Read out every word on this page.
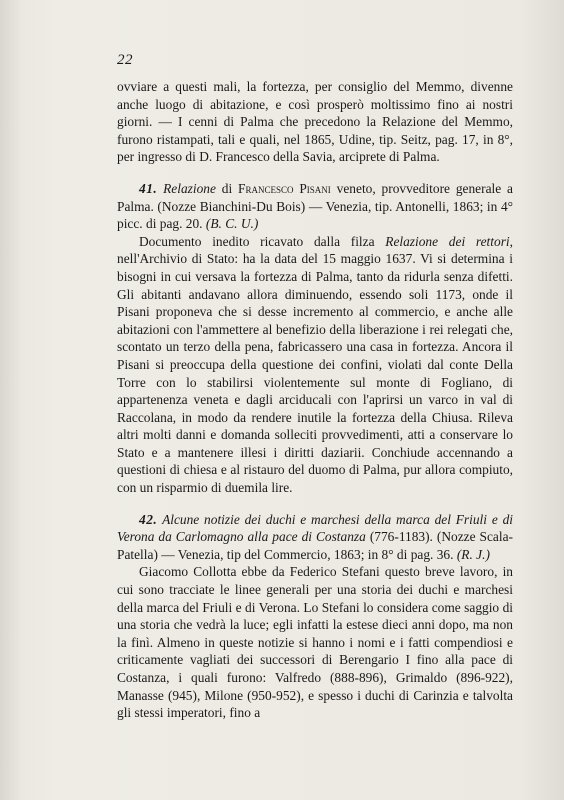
22

ovviare a questi mali, la fortezza, per consiglio del Memmo, divenne anche luogo di abitazione, e così prosperò moltissimo fino ai nostri giorni. — I cenni di Palma che precedono la Relazione del Memmo, furono ristampati, tali e quali, nel 1865, Udine, tip. Seitz, pag. 17, in 8°, per ingresso di D. Francesco della Savia, arciprete di Palma.

41. Relazione di Francesco Pisani veneto, provveditore generale a Palma. (Nozze Bianchini-Du Bois) — Venezia, tip. Antonelli, 1863; in 4° picc. di pag. 20. (B. C. U.)

Documento inedito ricavato dalla filza Relazione dei rettori, nell'Archivio di Stato: ha la data del 15 maggio 1637. Vi si determina i bisogni in cui versava la fortezza di Palma, tanto da ridurla senza difetti. Gli abitanti andavano allora diminuendo, essendo soli 1173, onde il Pisani proponeva che si desse incremento al commercio, e anche alle abitazioni con l'ammettere al benefizio della liberazione i rei relegati che, scontato un terzo della pena, fabricassero una casa in fortezza. Ancora il Pisani si preoccupa della questione dei confini, violati dal conte Della Torre con lo stabilirsi violentemente sul monte di Fogliano, di appartenenza veneta e dagli arciducali con l'aprirsi un varco in val di Raccolana, in modo da rendere inutile la fortezza della Chiusa. Rileva altri molti danni e domanda solleciti provvedimenti, atti a conservare lo Stato e a mantenere illesi i diritti daziarii. Conchiude accennando a questioni di chiesa e al ristauro del duomo di Palma, pur allora compiuto, con un risparmio di duemila lire.

42. Alcune notizie dei duchi e marchesi della marca del Friuli e di Verona da Carlomagno alla pace di Costanza (776-1183). (Nozze Scala-Patella) — Venezia, tip del Commercio, 1863; in 8° di pag. 36. (R. J.)

Giacomo Collotta ebbe da Federico Stefani questo breve lavoro, in cui sono tracciate le linee generali per una storia dei duchi e marchesi della marca del Friuli e di Verona. Lo Stefani lo considera come saggio di una storia che vedrà la luce; egli infatti la estese dieci anni dopo, ma non la finì. Almeno in queste notizie si hanno i nomi e i fatti compendiosi e criticamente vagliati dei successori di Berengario I fino alla pace di Costanza, i quali furono: Valfredo (888-896), Grimaldo (896-922), Manasse (945), Milone (950-952), e spesso i duchi di Carinzia e talvolta gli stessi imperatori, fino a
